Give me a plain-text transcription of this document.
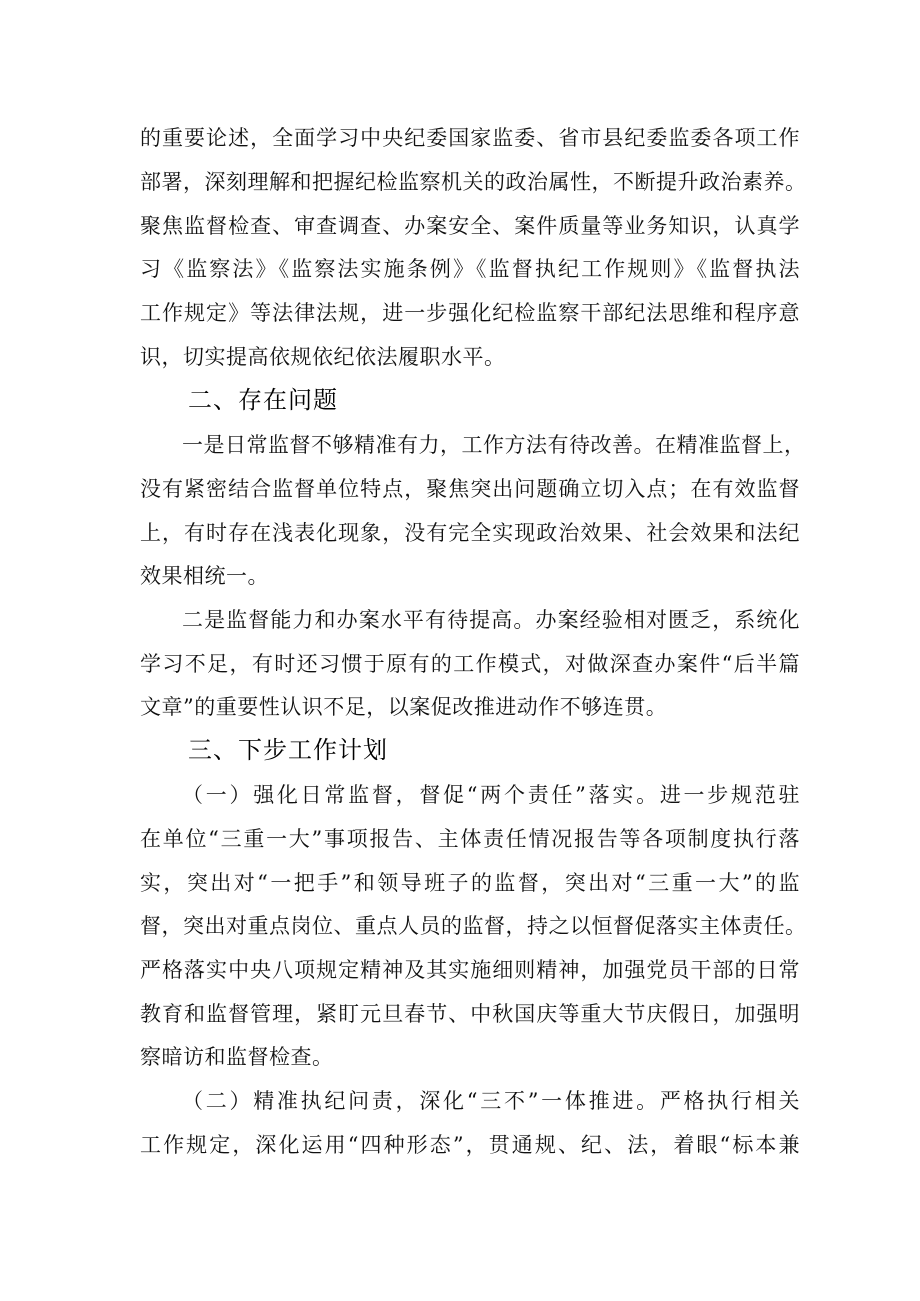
的重要论述，全面学习中央纪委国家监委、省市县纪委监委各项工作
部署，深刻理解和把握纪检监察机关的政治属性，不断提升政治素养。
聚焦监督检查、审查调查、办案安全、案件质量等业务知识，认真学
习《监察法》《监察法实施条例》《监督执纪工作规则》《监督执法
工作规定》等法律法规，进一步强化纪检监察干部纪法思维和程序意
识，切实提高依规依纪依法履职水平。
二、存在问题
一是日常监督不够精准有力，工作方法有待改善。在精准监督上，
没有紧密结合监督单位特点，聚焦突出问题确立切入点；在有效监督
上，有时存在浅表化现象，没有完全实现政治效果、社会效果和法纪
效果相统一。
二是监督能力和办案水平有待提高。办案经验相对匮乏，系统化
学习不足，有时还习惯于原有的工作模式，对做深查办案件“后半篇
文章”的重要性认识不足，以案促改推进动作不够连贯。
三、下步工作计划
（一）强化日常监督，督促“两个责任”落实。进一步规范驻
在单位“三重一大”事项报告、主体责任情况报告等各项制度执行落
实，突出对“一把手”和领导班子的监督，突出对“三重一大”的监
督，突出对重点岗位、重点人员的监督，持之以恒督促落实主体责任。
严格落实中央八项规定精神及其实施细则精神，加强党员干部的日常
教育和监督管理，紧盯元旦春节、中秋国庆等重大节庆假日，加强明
察暗访和监督检查。
（二）精准执纪问责，深化“三不”一体推进。严格执行相关
工作规定，深化运用“四种形态”，贯通规、纪、法，着眼“标本兼
